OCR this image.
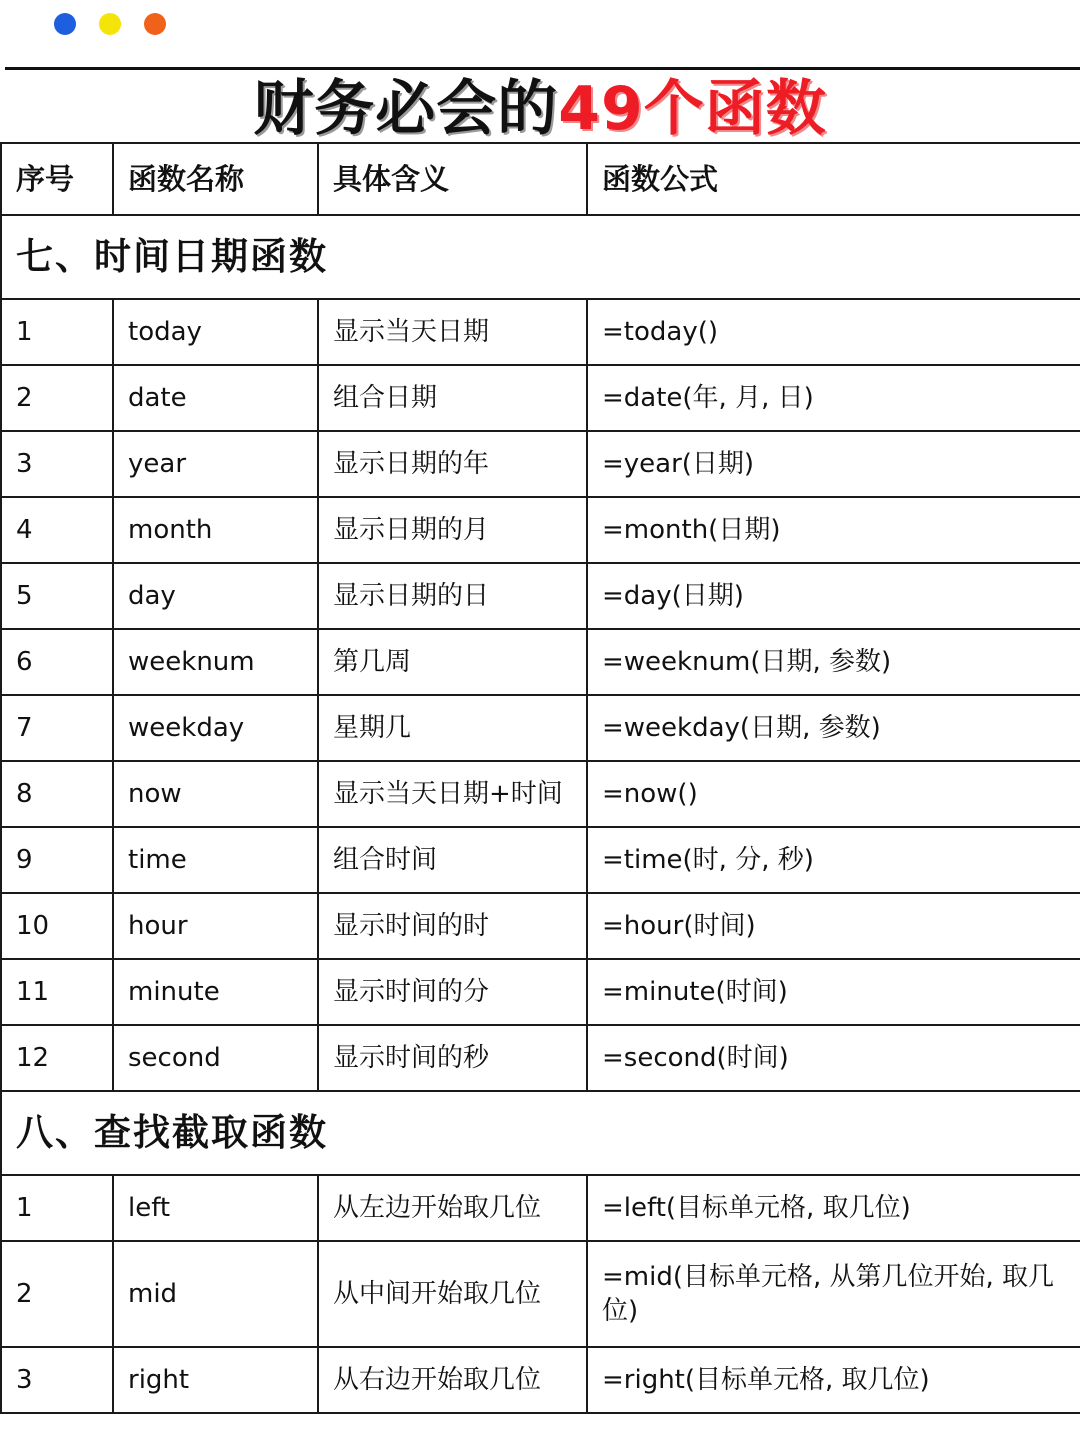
财务必会的49个函数
序号	函数名称	具体含义	函数公式
七、时间日期函数			
1	today	显示当天日期	=today()
2	date	组合日期	=date(年, 月, 日)
3	year	显示日期的年	=year(日期)
4	month	显示日期的月	=month(日期)
5	day	显示日期的日	=day(日期)
6	weeknum	第几周	=weeknum(日期, 参数)
7	weekday	星期几	=weekday(日期, 参数)
8	now	显示当天日期+时间	=now()
9	time	组合时间	=time(时, 分, 秒)
10	hour	显示时间的时	=hour(时间)
11	minute	显示时间的分	=minute(时间)
12	second	显示时间的秒	=second(时间)
八、查找截取函数			
1	left	从左边开始取几位	=left(目标单元格, 取几位)
2	mid	从中间开始取几位	=mid(目标单元格, 从第几位开始, 取几位)
3	right	从右边开始取几位	=right(目标单元格, 取几位)
